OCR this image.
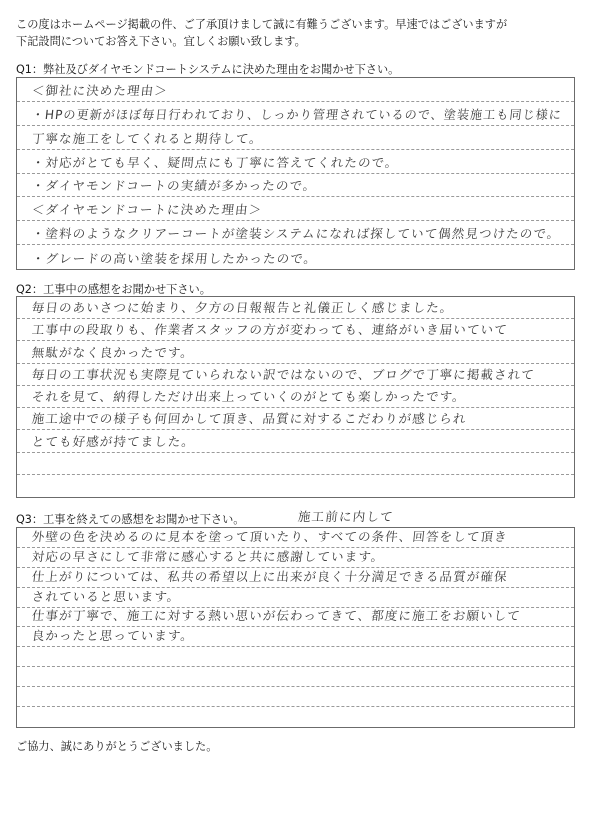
この度はホームページ掲載の件、ご了承頂けまして誠に有難うございます。早速ではございますが
下記設問についてお答え下さい。宜しくお願い致します。
Q1：弊社及びダイヤモンドコートシステムに決めた理由をお聞かせ下さい。
＜御社に決めた理由＞
・HPの更新がほぼ毎日行われており、しっかり管理されているので、塗装施工も同じ様に
丁寧な施工をしてくれると期待して。
・対応がとても早く、疑問点にも丁寧に答えてくれたので。
・ダイヤモンドコートの実績が多かったので。
＜ダイヤモンドコートに決めた理由＞
・塗料のようなクリアーコートが塗装システムになれば探していて偶然見つけたので。
・グレードの高い塗装を採用したかったので。
Q2：工事中の感想をお聞かせ下さい。
毎日のあいさつに始まり、夕方の日報報告と礼儀正しく感じました。
工事中の段取りも、作業者スタッフの方が変わっても、連絡がいき届いていて
無駄がなく良かったです。
毎日の工事状況も実際見ていられない訳ではないので、ブログで丁寧に掲載されて
それを見て、納得しただけ出来上っていくのがとても楽しかったです。
施工途中での様子も何回かして頂き、品質に対するこだわりが感じられ
とても好感が持てました。
Q3：工事を終えての感想をお聞かせ下さい。	施工前に内して
外壁の色を決めるのに見本を塗って頂いたり、すべての条件、回答をして頂き
対応の早さにして非常に感心すると共に感謝しています。
仕上がりについては、私共の希望以上に出来が良く十分満足できる品質が確保
されていると思います。
仕事が丁寧で、施工に対する熱い思いが伝わってきて、都度に施工をお願いして
良かったと思っています。
ご協力、誠にありがとうございました。
